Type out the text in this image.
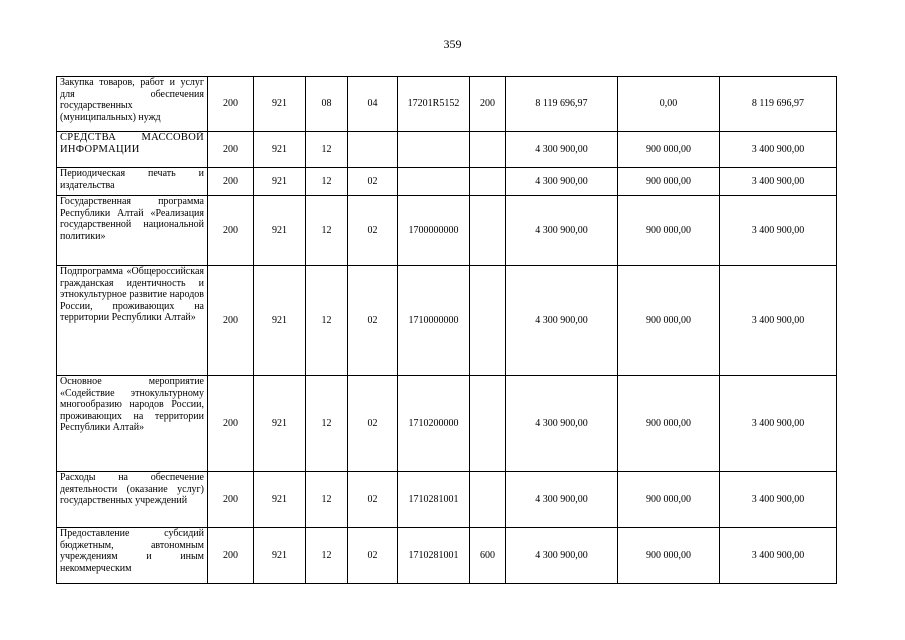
359
Закупка товаров, работ и услуг для обеспечения государственных (муниципальных) нужд	200	921	08	04	17201R5152	200	8 119 696,97	0,00	8 119 696,97
СРЕДСТВА МАССОВОЙ ИНФОРМАЦИИ	200	921	12				4 300 900,00	900 000,00	3 400 900,00
Периодическая печать и издательства	200	921	12	02			4 300 900,00	900 000,00	3 400 900,00
Государственная программа Республики Алтай «Реализация государственной национальной политики»	200	921	12	02	1700000000		4 300 900,00	900 000,00	3 400 900,00
Подпрограмма «Общероссийская гражданская идентичность и этнокультурное развитие народов России, проживающих на территории Республики Алтай»	200	921	12	02	1710000000		4 300 900,00	900 000,00	3 400 900,00
Основное мероприятие «Содействие этнокультурному многообразию народов России, проживающих на территории Республики Алтай»	200	921	12	02	1710200000		4 300 900,00	900 000,00	3 400 900,00
Расходы на обеспечение деятельности (оказание услуг) государственных учреждений	200	921	12	02	1710281001		4 300 900,00	900 000,00	3 400 900,00
Предоставление субсидий бюджетным, автономным учреждениям и иным некоммерческим	200	921	12	02	1710281001	600	4 300 900,00	900 000,00	3 400 900,00
